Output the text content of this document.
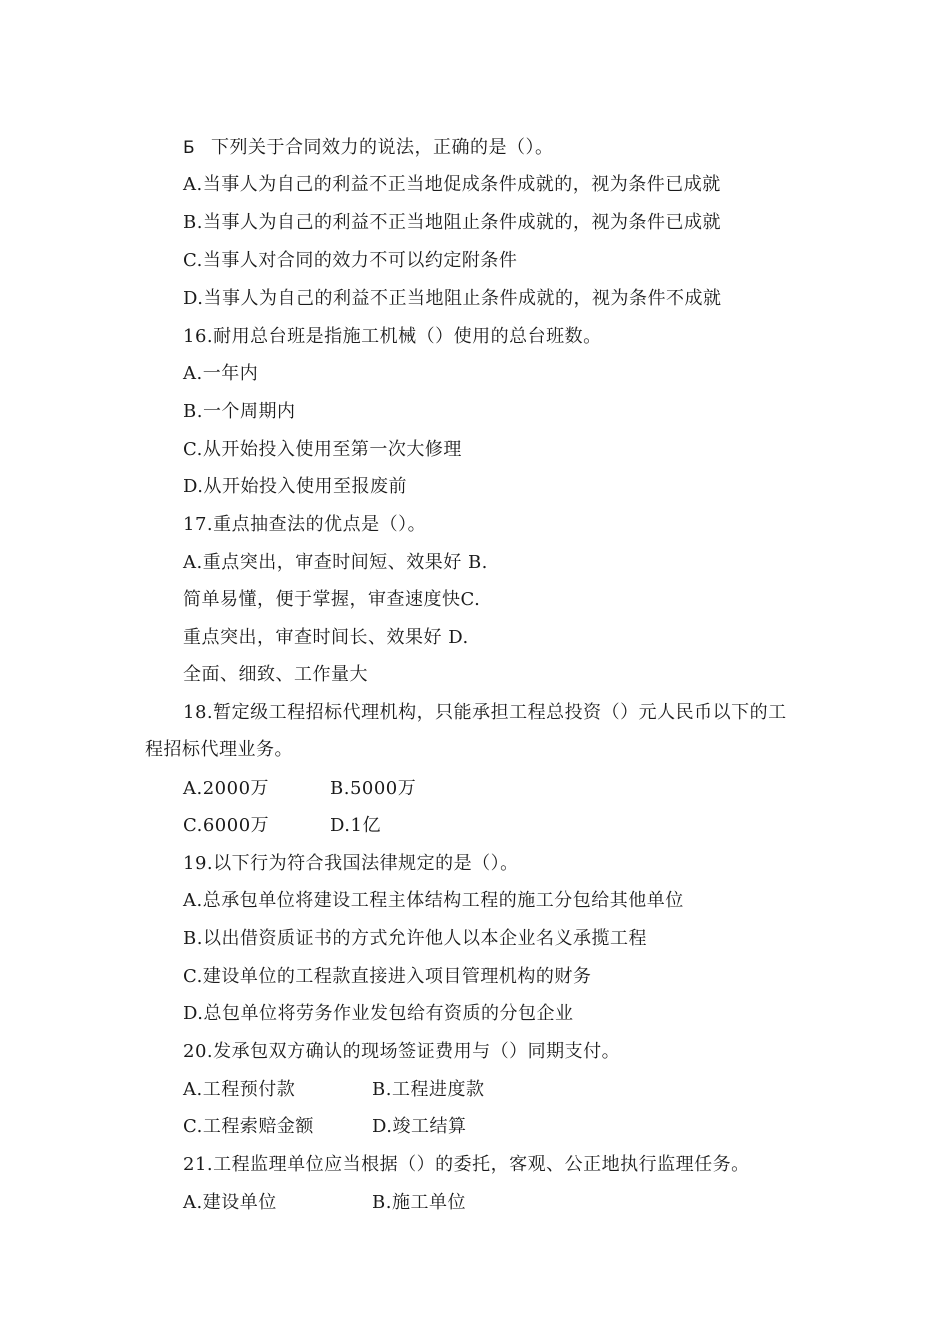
Б 下列关于合同效力的说法，正确的是（）。
A.当事人为自己的利益不正当地促成条件成就的，视为条件已成就
B.当事人为自己的利益不正当地阻止条件成就的，视为条件已成就
C.当事人对合同的效力不可以约定附条件
D.当事人为自己的利益不正当地阻止条件成就的，视为条件不成就
16.耐用总台班是指施工机械（）使用的总台班数。
A.一年内
B.一个周期内
C.从开始投入使用至第一次大修理
D.从开始投入使用至报废前
17.重点抽查法的优点是（）。
A.重点突出，审查时间短、效果好 B.
简单易懂，便于掌握，审查速度快C.
重点突出，审查时间长、效果好 D.
全面、细致、工作量大
18.暂定级工程招标代理机构，只能承担工程总投资（）元人民币以下的工
程招标代理业务。
A.2000万	B.5000万
C.6000万	D.1亿
19.以下行为符合我国法律规定的是（）。
A.总承包单位将建设工程主体结构工程的施工分包给其他单位
B.以出借资质证书的方式允许他人以本企业名义承揽工程
C.建设单位的工程款直接进入项目管理机构的财务
D.总包单位将劳务作业发包给有资质的分包企业
20.发承包双方确认的现场签证费用与（）同期支付。
A.工程预付款	B.工程进度款
C.工程索赔金额	D.竣工结算
21.工程监理单位应当根据（）的委托，客观、公正地执行监理任务。
A.建设单位	B.施工单位
